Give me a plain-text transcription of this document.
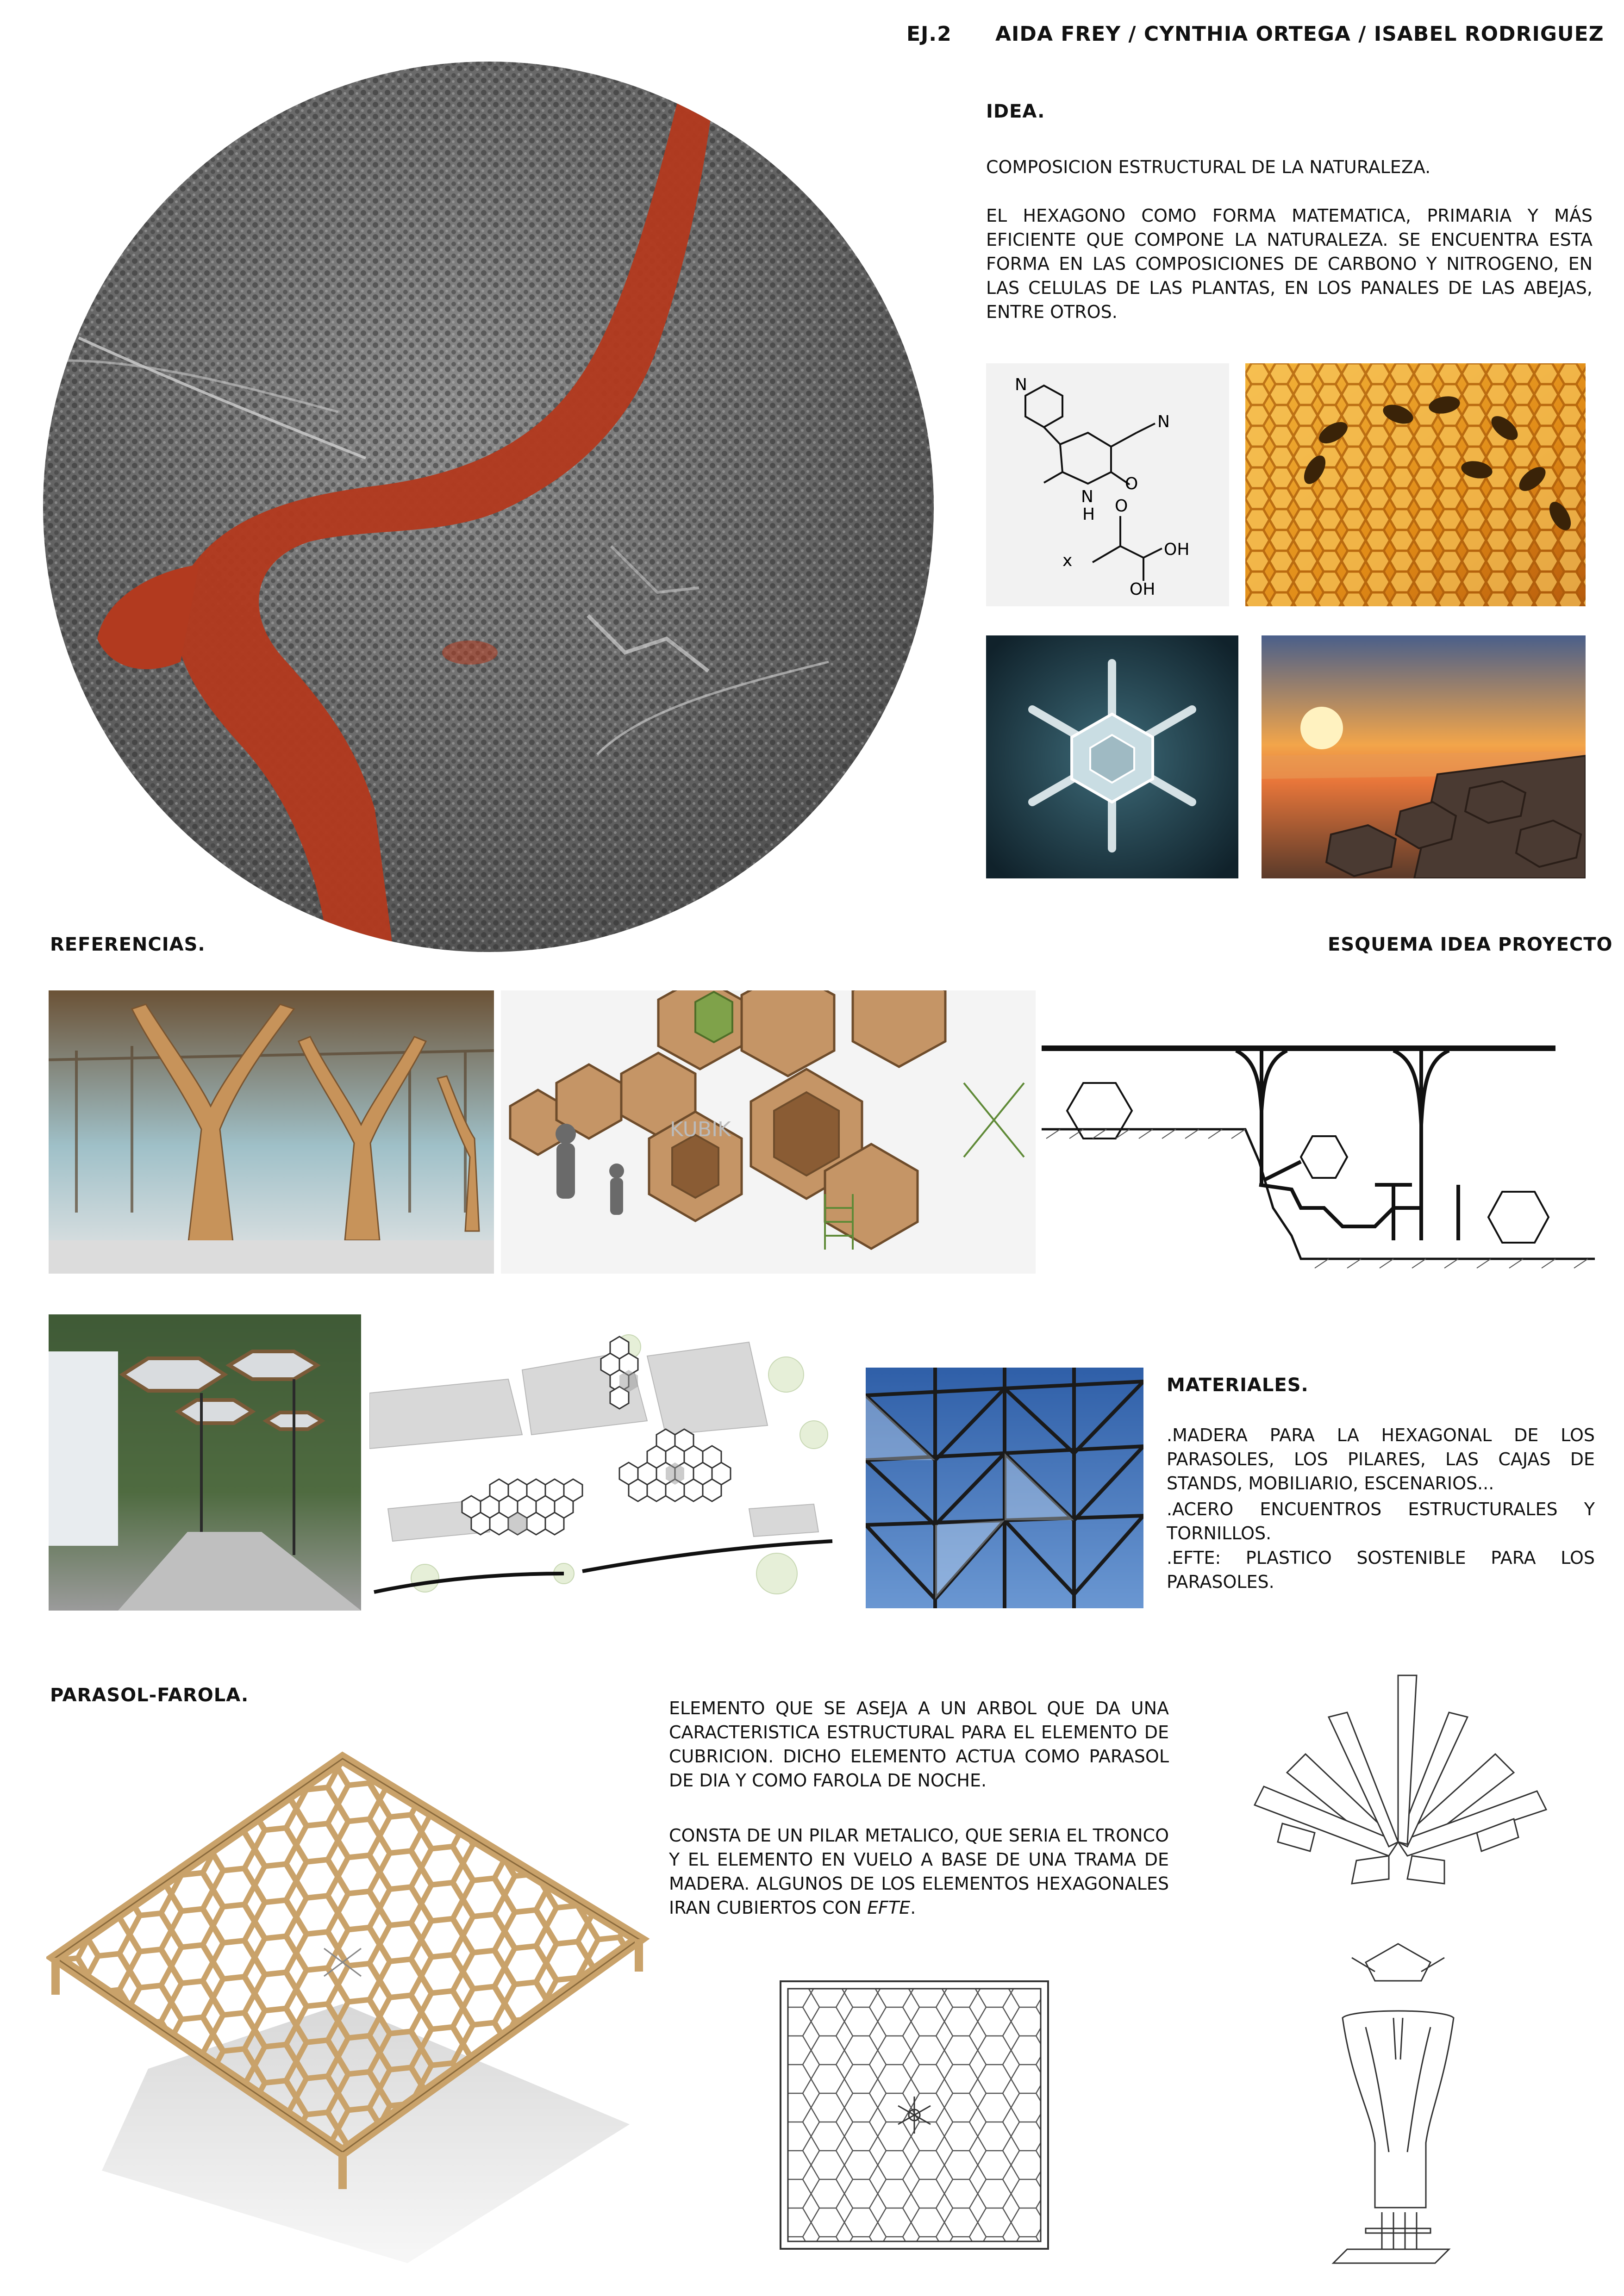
EJ.2 AIDA FREY / CYNTHIA ORTEGA / ISABEL RODRIGUEZ
IDEA.
COMPOSICION ESTRUCTURAL DE LA NATURALEZA.
EL HEXAGONO COMO FORMA MATEMATICA, PRIMARIA Y MÁS EFICIENTE QUE COMPONE LA NATURALEZA. SE ENCUENTRA ESTA FORMA EN LAS COMPOSICIONES DE CARBONO Y NITROGENO, EN LAS CELULAS DE LAS PLANTAS, EN LOS PANALES DE LAS ABEJAS, ENTRE OTROS.
N
N
N
H
O
x
O
OH
OH
REFERENCIAS.	ESQUEMA IDEA PROYECTO
KUBIK
MATERIALES.
.MADERA PARA LA HEXAGONAL DE LOS PARASOLES, LOS PILARES, LAS CAJAS DE STANDS, MOBILIARIO, ESCENARIOS...
.ACERO ENCUENTROS ESTRUCTURALES Y TORNILLOS.
.EFTE: PLASTICO SOSTENIBLE PARA LOS PARASOLES.
PARASOL-FAROLA.
ELEMENTO QUE SE ASEJA A UN ARBOL QUE DA UNA CARACTERISTICA ESTRUCTURAL PARA EL ELEMENTO DE CUBRICION. DICHO ELEMENTO ACTUA COMO PARASOL DE DIA Y COMO FAROLA DE NOCHE.
CONSTA DE UN PILAR METALICO, QUE SERIA EL TRONCO Y EL ELEMENTO EN VUELO A BASE DE UNA TRAMA DE MADERA. ALGUNOS DE LOS ELEMENTOS HEXAGONALES IRAN CUBIERTOS CON EFTE.
